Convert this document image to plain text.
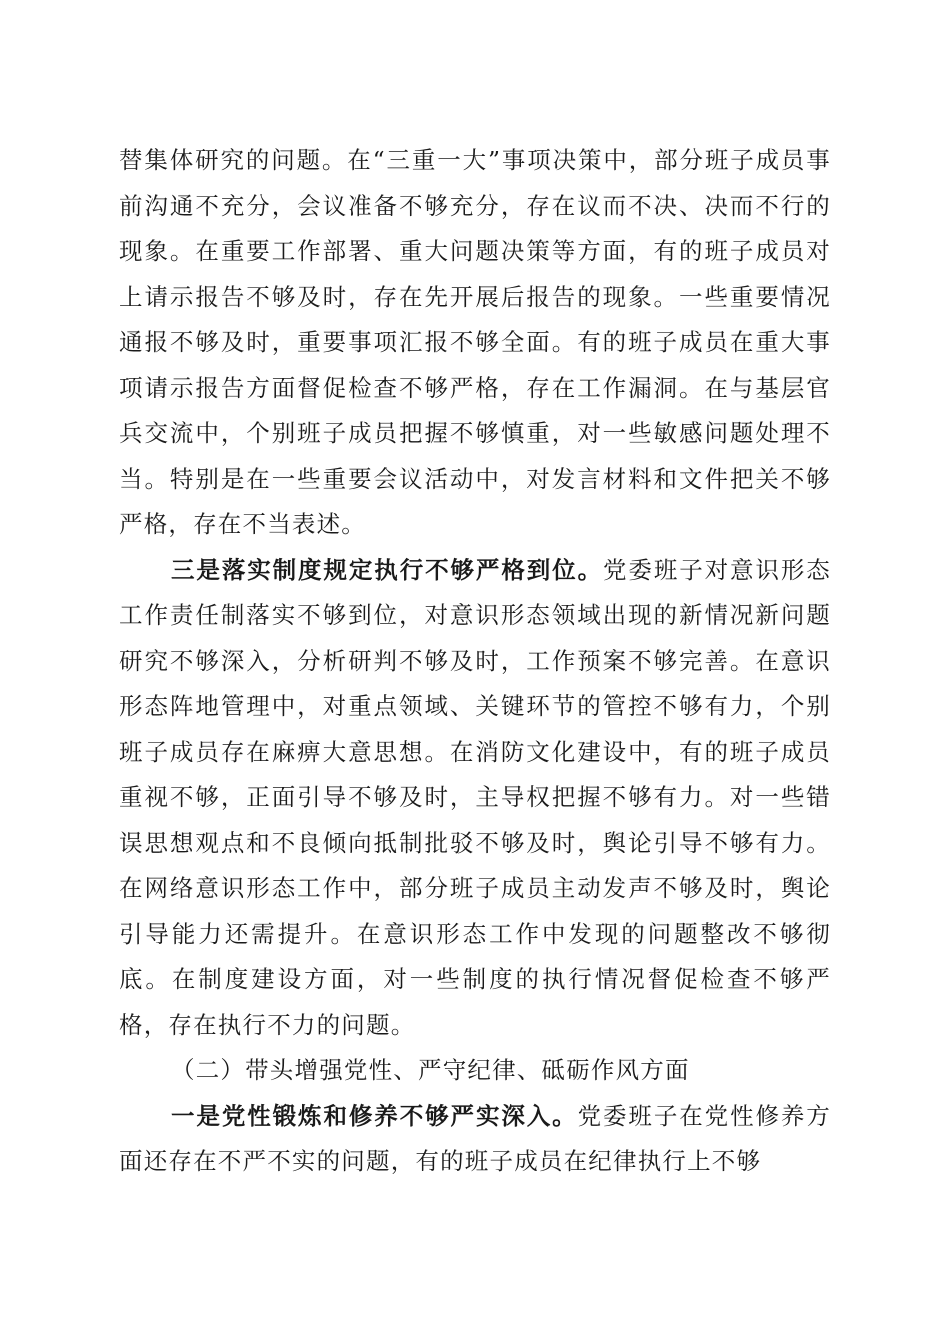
替集体研究的问题。在“三重一大”事项决策中，部分班子成员事前沟通不充分，会议准备不够充分，存在议而不决、决而不行的现象。在重要工作部署、重大问题决策等方面，有的班子成员对上请示报告不够及时，存在先开展后报告的现象。一些重要情况通报不够及时，重要事项汇报不够全面。有的班子成员在重大事项请示报告方面督促检查不够严格，存在工作漏洞。在与基层官兵交流中，个别班子成员把握不够慎重，对一些敏感问题处理不当。特别是在一些重要会议活动中，对发言材料和文件把关不够严格，存在不当表述。

三是落实制度规定执行不够严格到位。党委班子对意识形态工作责任制落实不够到位，对意识形态领域出现的新情况新问题研究不够深入，分析研判不够及时，工作预案不够完善。在意识形态阵地管理中，对重点领域、关键环节的管控不够有力，个别班子成员存在麻痹大意思想。在消防文化建设中，有的班子成员重视不够，正面引导不够及时，主导权把握不够有力。对一些错误思想观点和不良倾向抵制批驳不够及时，舆论引导不够有力。在网络意识形态工作中，部分班子成员主动发声不够及时，舆论引导能力还需提升。在意识形态工作中发现的问题整改不够彻底。在制度建设方面，对一些制度的执行情况督促检查不够严格，存在执行不力的问题。

（二）带头增强党性、严守纪律、砥砺作风方面

一是党性锻炼和修养不够严实深入。党委班子在党性修养方面还存在不严不实的问题，有的班子成员在纪律执行上不够
